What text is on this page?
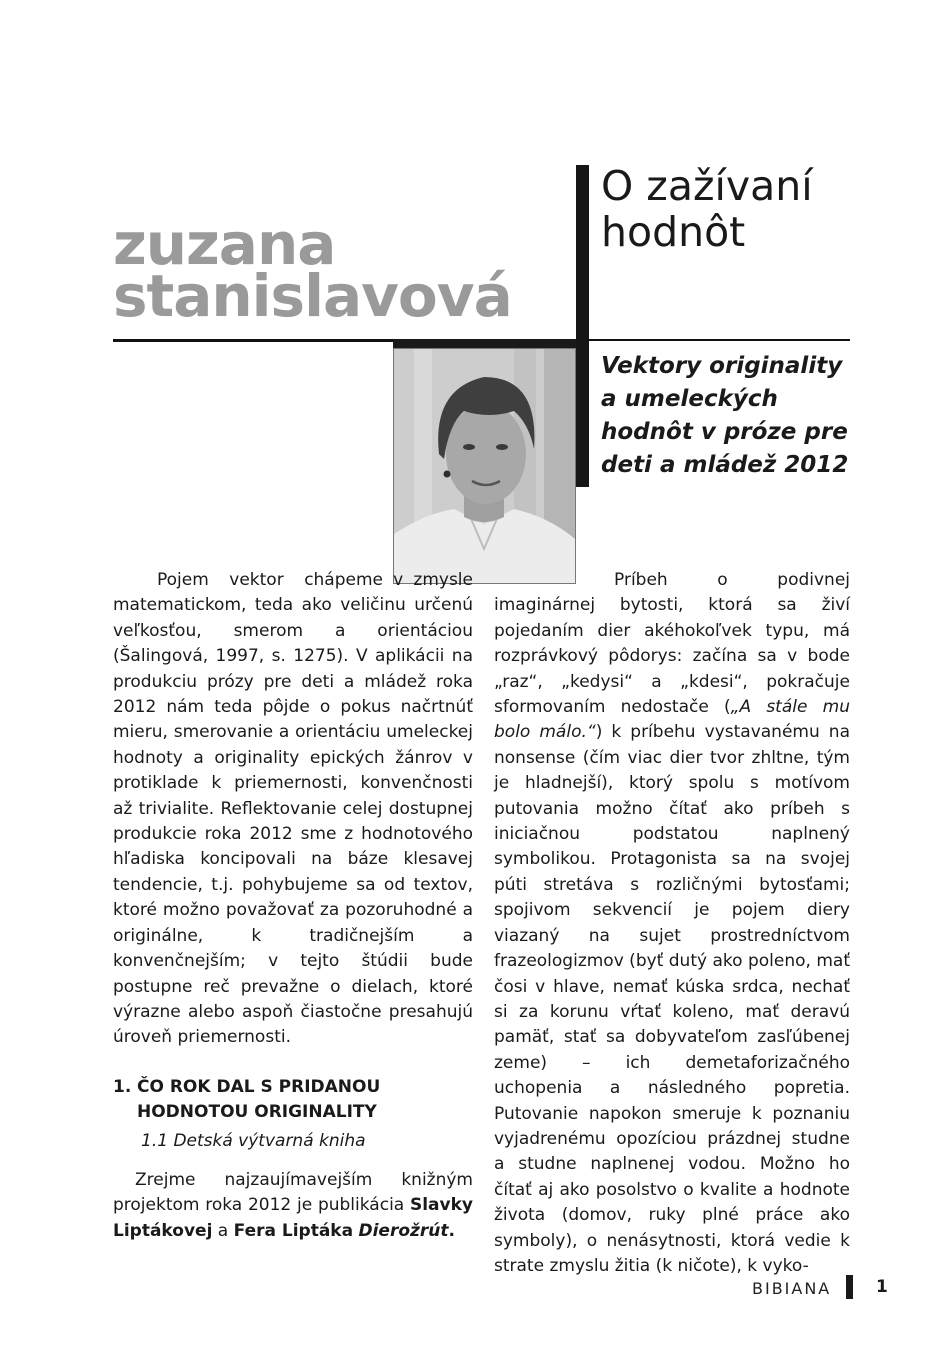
zuzana
stanislavová
O zažívaní
hodnôt
Vektory originality
a umeleckých
hodnôt v próze pre
deti a mládež 2012

Pojem vektor chápeme v zmysle matematickom, teda ako veličinu určenú veľkosťou, smerom a orientáciou (Šalingová, 1997, s. 1275). V aplikácii na produkciu prózy pre deti a mládež roka 2012 nám teda pôjde o pokus načrtnúť mieru, smerovanie a orientáciu umeleckej hodnoty a originality epických žánrov v protiklade k priemernosti, konvenčnosti až trivialite. Reflektovanie celej dostupnej produkcie roka 2012 sme z hodnotového hľadiska koncipovali na báze klesavej tendencie, t.j. pohybujeme sa od textov, ktoré možno považovať za pozoruhodné a originálne, k tradičnejším a konvenčnejším; v tejto štúdii bude postupne reč prevažne o dielach, ktoré výrazne alebo aspoň čiastočne presahujú úroveň priemernosti.

1. ČO ROK DAL S PRIDANOU
HODNOTOU ORIGINALITY
1.1 Detská výtvarná kniha

Zrejme najzaujímavejším knižným projektom roka 2012 je publikácia Slavky Liptákovej a Fera Liptáka Dierožrút.

Príbeh o podivnej imaginárnej bytosti, ktorá sa živí pojedaním dier akéhokoľvek typu, má rozprávkový pôdorys: začína sa v bode „raz“, „kedysi“ a „kdesi“, pokračuje sformovaním nedostače („A stále mu bolo málo.“) k príbehu vystavanému na nonsense (čím viac dier tvor zhltne, tým je hladnejší), ktorý spolu s motívom putovania možno čítať ako príbeh s iniciačnou podstatou naplnený symbolikou. Protagonista sa na svojej púti stretáva s rozličnými bytosťami; spojivom sekvencií je pojem diery viazaný na sujet prostredníctvom frazeologizmov (byť dutý ako poleno, mať čosi v hlave, nemať kúska srdca, nechať si za korunu vŕtať koleno, mať deravú pamäť, stať sa dobyvateľom zasľúbenej zeme) – ich demetaforizačného uchopenia a následného popretia. Putovanie napokon smeruje k poznaniu vyjadrenému opozíciou prázdnej studne a studne naplnenej vodou. Možno ho čítať aj ako posolstvo o kvalite a hodnote života (domov, ruky plné práce ako symboly), o nenásytnosti, ktorá vedie k strate zmyslu žitia (k ničote), k vyko-

BIBIANA	1
